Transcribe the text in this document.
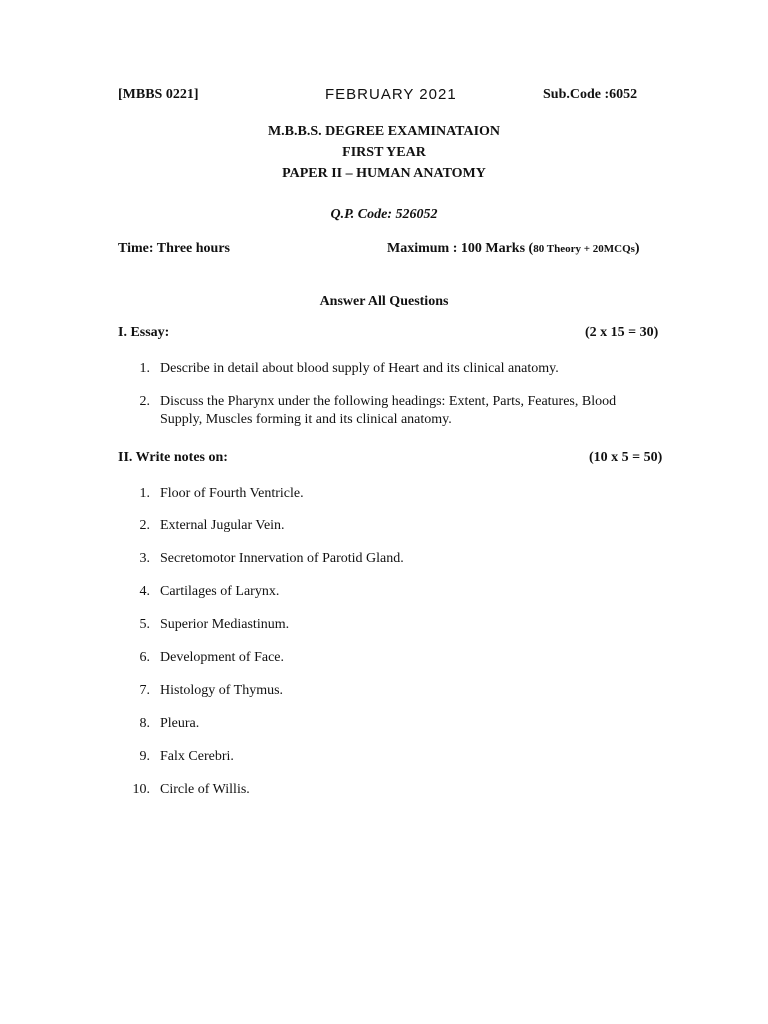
[MBBS 0221]	FEBRUARY 2021	Sub.Code :6052
M.B.B.S. DEGREE EXAMINATAION
FIRST YEAR
PAPER II – HUMAN ANATOMY
Q.P. Code: 526052
Time: Three hours	Maximum : 100 Marks (80 Theory + 20MCQs)
Answer All Questions
I. Essay:	(2 x 15 = 30)
1. Describe in detail about blood supply of Heart and its clinical anatomy.
2. Discuss the Pharynx under the following headings: Extent, Parts, Features, Blood
Supply, Muscles forming it and its clinical anatomy.
II. Write notes on:	(10 x 5 = 50)
1. Floor of Fourth Ventricle.
2. External Jugular Vein.
3. Secretomotor Innervation of Parotid Gland.
4. Cartilages of Larynx.
5. Superior Mediastinum.
6. Development of Face.
7. Histology of Thymus.
8. Pleura.
9. Falx Cerebri.
10. Circle of Willis.
